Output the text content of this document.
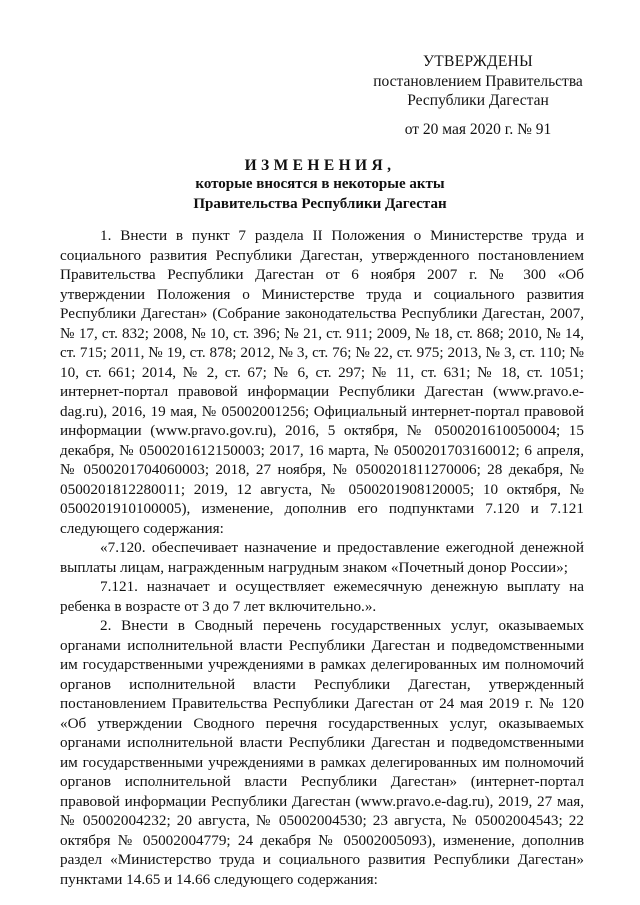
УТВЕРЖДЕНЫ
постановлением Правительства
Республики Дагестан
от 20 мая 2020 г. № 91
ИЗМЕНЕНИЯ,
которые вносятся в некоторые акты
Правительства Республики Дагестан

1. Внести в пункт 7 раздела II Положения о Министерстве труда и социального развития Республики Дагестан, утвержденного постановлением Правительства Республики Дагестан от 6 ноября 2007 г. № 300 «Об утверждении Положения о Министерстве труда и социального развития Республики Дагестан» (Собрание законодательства Республики Дагестан, 2007, № 17, ст. 832; 2008, № 10, ст. 396; № 21, ст. 911; 2009, № 18, ст. 868; 2010, № 14, ст. 715; 2011, № 19, ст. 878; 2012, № 3, ст. 76; № 22, ст. 975; 2013, № 3, ст. 110; № 10, ст. 661; 2014, № 2, ст. 67; № 6, ст. 297; № 11, ст. 631; № 18, ст. 1051; интернет-портал правовой информации Республики Дагестан (www.pravo.e-dag.ru), 2016, 19 мая, № 05002001256; Официальный интернет-портал правовой информации (www.pravo.gov.ru), 2016, 5 октября, № 0500201610050004; 15 декабря, № 0500201612150003; 2017, 16 марта, № 0500201703160012; 6 апреля, № 0500201704060003; 2018, 27 ноября, № 0500201811270006; 28 декабря, № 0500201812280011; 2019, 12 августа, № 0500201908120005; 10 октября, № 0500201910100005), изменение, дополнив его подпунктами 7.120 и 7.121 следующего содержания:

«7.120. обеспечивает назначение и предоставление ежегодной денежной выплаты лицам, награжденным нагрудным знаком «Почетный донор России»;

7.121. назначает и осуществляет ежемесячную денежную выплату на ребенка в возрасте от 3 до 7 лет включительно.».

2. Внести в Сводный перечень государственных услуг, оказываемых органами исполнительной власти Республики Дагестан и подведомственными им государственными учреждениями в рамках делегированных им полномочий органов исполнительной власти Республики Дагестан, утвержденный постановлением Правительства Республики Дагестан от 24 мая 2019 г. № 120 «Об утверждении Сводного перечня государственных услуг, оказываемых органами исполнительной власти Республики Дагестан и подведомственными им государственными учреждениями в рамках делегированных им полномочий органов исполнительной власти Республики Дагестан» (интернет-портал правовой информации Республики Дагестан (www.pravo.e-dag.ru), 2019, 27 мая, № 05002004232; 20 августа, № 05002004530; 23 августа, № 05002004543; 22 октября № 05002004779; 24 декабря № 05002005093), изменение, дополнив раздел «Министерство труда и социального развития Республики Дагестан» пунктами 14.65 и 14.66 следующего содержания:
